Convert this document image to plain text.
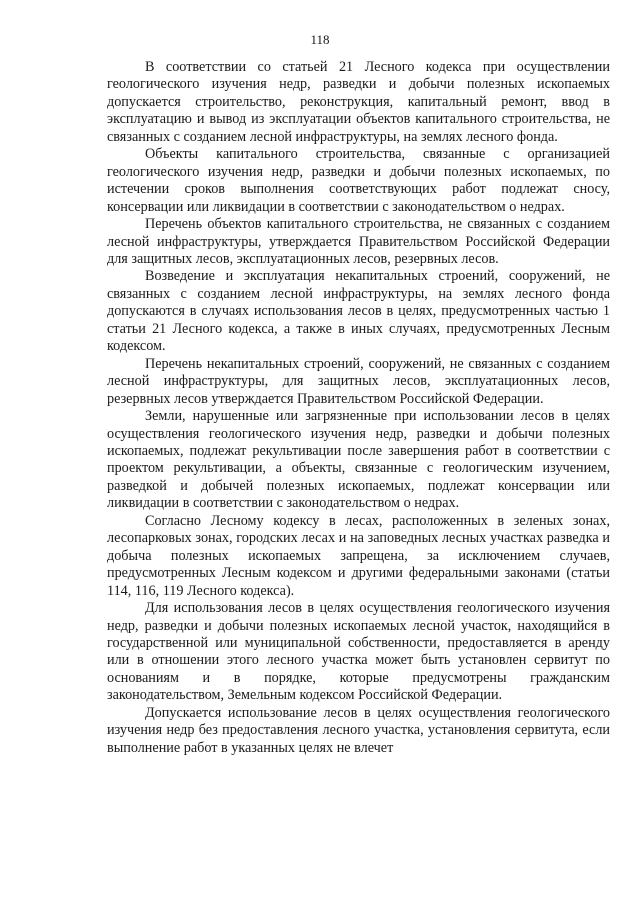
118

В соответствии со статьей 21 Лесного кодекса при осуществлении геологического изучения недр, разведки и добычи полезных ископаемых допускается строительство, реконструкция, капитальный ремонт, ввод в эксплуатацию и вывод из эксплуатации объектов капитального строительства, не связанных с созданием лесной инфраструктуры, на землях лесного фонда.

Объекты капитального строительства, связанные с организацией геологического изучения недр, разведки и добычи полезных ископаемых, по истечении сроков выполнения соответствующих работ подлежат сносу, консервации или ликвидации в соответствии с законодательством о недрах.

Перечень объектов капитального строительства, не связанных с созданием лесной инфраструктуры, утверждается Правительством Российской Федерации для защитных лесов, эксплуатационных лесов, резервных лесов.

Возведение и эксплуатация некапитальных строений, сооружений, не связанных с созданием лесной инфраструктуры, на землях лесного фонда допускаются в случаях использования лесов в целях, предусмотренных частью 1 статьи 21 Лесного кодекса, а также в иных случаях, предусмотренных Лесным кодексом.

Перечень некапитальных строений, сооружений, не связанных с созданием лесной инфраструктуры, для защитных лесов, эксплуатационных лесов, резервных лесов утверждается Правительством Российской Федерации.

Земли, нарушенные или загрязненные при использовании лесов в целях осуществления геологического изучения недр, разведки и добычи полезных ископаемых, подлежат рекультивации после завершения работ в соответствии с проектом рекультивации, а объекты, связанные с геологическим изучением, разведкой и добычей полезных ископаемых, подлежат консервации или ликвидации в соответствии с законодательством о недрах.

Согласно Лесному кодексу в лесах, расположенных в зеленых зонах, лесопарковых зонах, городских лесах и на заповедных лесных участках разведка и добыча полезных ископаемых запрещена, за исключением случаев, предусмотренных Лесным кодексом и другими федеральными законами (статьи 114, 116, 119 Лесного кодекса).

Для использования лесов в целях осуществления геологического изучения недр, разведки и добычи полезных ископаемых лесной участок, находящийся в государственной или муниципальной собственности, предоставляется в аренду или в отношении этого лесного участка может быть установлен сервитут по основаниям и в порядке, которые предусмотрены гражданским законодательством, Земельным кодексом Российской Федерации.

Допускается использование лесов в целях осуществления геологического изучения недр без предоставления лесного участка, установления сервитута, если выполнение работ в указанных целях не влечет
